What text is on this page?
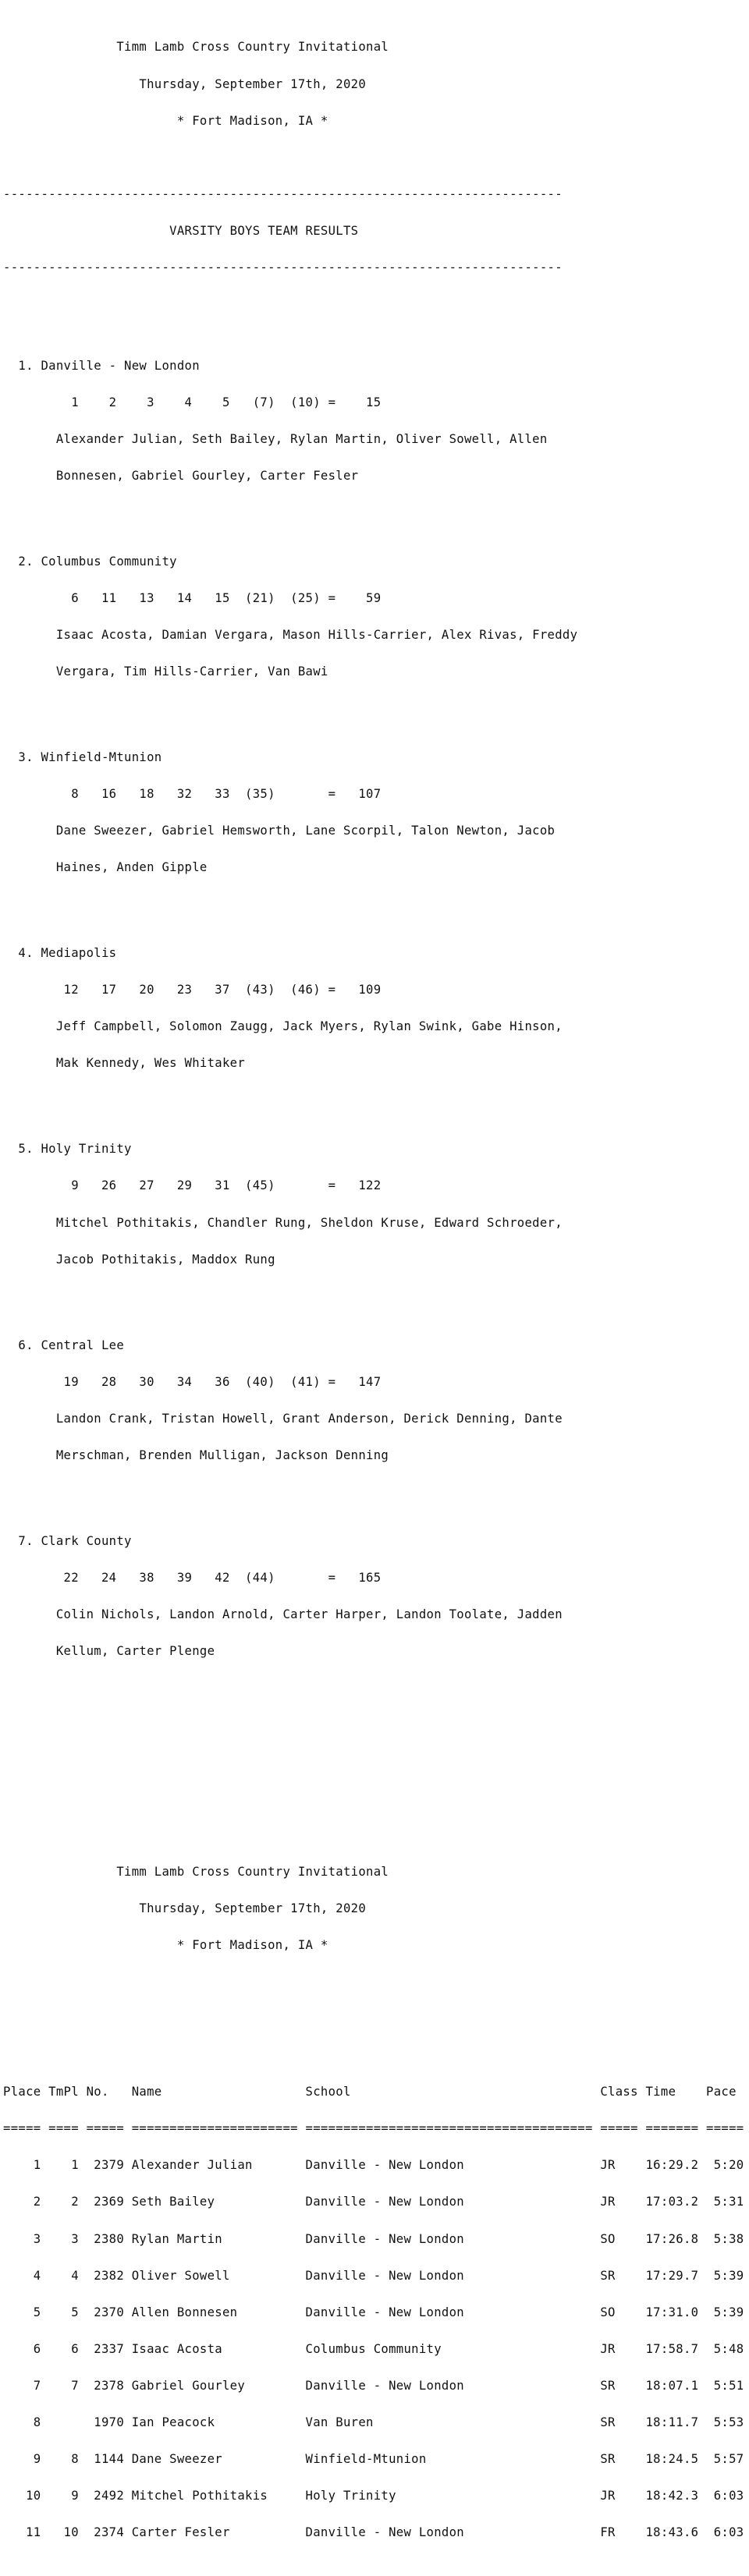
Timm Lamb Cross Country Invitational

Thursday, September 17th, 2020

* Fort Madison, IA *

--------------------------------------------------------------------------

VARSITY BOYS TEAM RESULTS

--------------------------------------------------------------------------

1. Danville - New London

1    2    3    4    5   (7)  (10) =    15

Alexander Julian, Seth Bailey, Rylan Martin, Oliver Sowell, Allen

Bonnesen, Gabriel Gourley, Carter Fesler

2. Columbus Community

6   11   13   14   15  (21)  (25) =    59

Isaac Acosta, Damian Vergara, Mason Hills-Carrier, Alex Rivas, Freddy

Vergara, Tim Hills-Carrier, Van Bawi

3. Winfield-Mtunion

8   16   18   32   33  (35)       =   107

Dane Sweezer, Gabriel Hemsworth, Lane Scorpil, Talon Newton, Jacob

Haines, Anden Gipple

4. Mediapolis

12   17   20   23   37  (43)  (46) =   109

Jeff Campbell, Solomon Zaugg, Jack Myers, Rylan Swink, Gabe Hinson,

Mak Kennedy, Wes Whitaker

5. Holy Trinity

9   26   27   29   31  (45)       =   122

Mitchel Pothitakis, Chandler Rung, Sheldon Kruse, Edward Schroeder,

Jacob Pothitakis, Maddox Rung

6. Central Lee

19   28   30   34   36  (40)  (41) =   147

Landon Crank, Tristan Howell, Grant Anderson, Derick Denning, Dante

Merschman, Brenden Mulligan, Jackson Denning

7. Clark County

22   24   38   39   42  (44)       =   165

Colin Nichols, Landon Arnold, Carter Harper, Landon Toolate, Jadden

Kellum, Carter Plenge

Timm Lamb Cross Country Invitational

Thursday, September 17th, 2020

* Fort Madison, IA *

Place TmPl No.   Name                   School                                 Class Time    Pace

===== ==== ===== ====================== ====================================== ===== ======= =====

1    1  2379 Alexander Julian       Danville - New London                  JR    16:29.2  5:20

2    2  2369 Seth Bailey            Danville - New London                  JR    17:03.2  5:31

3    3  2380 Rylan Martin           Danville - New London                  SO    17:26.8  5:38

4    4  2382 Oliver Sowell          Danville - New London                  SR    17:29.7  5:39

5    5  2370 Allen Bonnesen         Danville - New London                  SO    17:31.0  5:39

6    6  2337 Isaac Acosta           Columbus Community                     JR    17:58.7  5:48

7    7  2378 Gabriel Gourley        Danville - New London                  SR    18:07.1  5:51

8       1970 Ian Peacock            Van Buren                              SR    18:11.7  5:53

9    8  1144 Dane Sweezer           Winfield-Mtunion                       SR    18:24.5  5:57

10    9  2492 Mitchel Pothitakis     Holy Trinity                           JR    18:42.3  6:03

11   10  2374 Carter Fesler          Danville - New London                  FR    18:43.6  6:03
